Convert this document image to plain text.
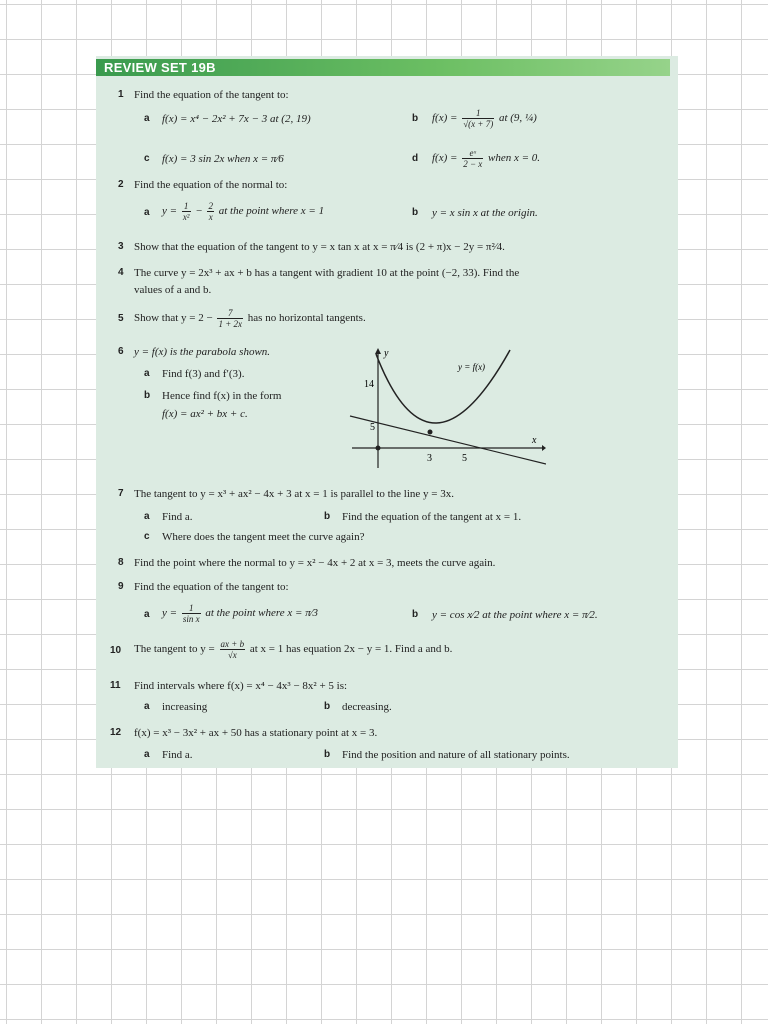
REVIEW SET 19B
1 Find the equation of the tangent to:
a f(x) = x⁴ − 2x² + 7x − 3 at (2, 19)	b $f(x) = \frac{1}{√(x + 7)}$ at (9, ¼)
c f(x) = 3 sin 2x when x = π⁄6	d $f(x) = \frac{\text{eˣ}}{2 - x}$ when x = 0.
2 Find the equation of the normal to:
a $y = \frac{1}{\text{x²}} - \frac{2}{x}$ at the point where x = 1	b y = x sin x at the origin.
3 Show that the equation of the tangent to y = x tan x at x = π⁄4 is (2 + π)x − 2y = π²⁄4.
4 The curve y = 2x³ + ax + b has a tangent with gradient 10 at the point (−2, 33). Find the
values of a and b.
5 Show that $y = 2 - \frac{7}{1 + 2x}$ has no horizontal tangents.
6 y = f(x) is the parabola shown.
a Find f(3) and f′(3).
b Hence find f(x) in the form
f(x) = ax² + bx + c.
y
x
y = f(x)
14
5
3	5
7 The tangent to y = x³ + ax² − 4x + 3 at x = 1 is parallel to the line y = 3x.
a Find a.	b Find the equation of the tangent at x = 1.
c Where does the tangent meet the curve again?
8 Find the point where the normal to y = x² − 4x + 2 at x = 3, meets the curve again.
9 Find the equation of the tangent to:
a $y = \frac{1}{\text{sin x}}$ at the point where x = π⁄3	b y = cos x⁄2 at the point where x = π⁄2.
10 The tangent to $y = \frac{ax + b}{√x}$ at x = 1 has equation 2x − y = 1. Find a and b.
11 Find intervals where f(x) = x⁴ − 4x³ − 8x² + 5 is:
a increasing	b decreasing.
12 f(x) = x³ − 3x² + ax + 50 has a stationary point at x = 3.
a Find a.	b Find the position and nature of all stationary points.
